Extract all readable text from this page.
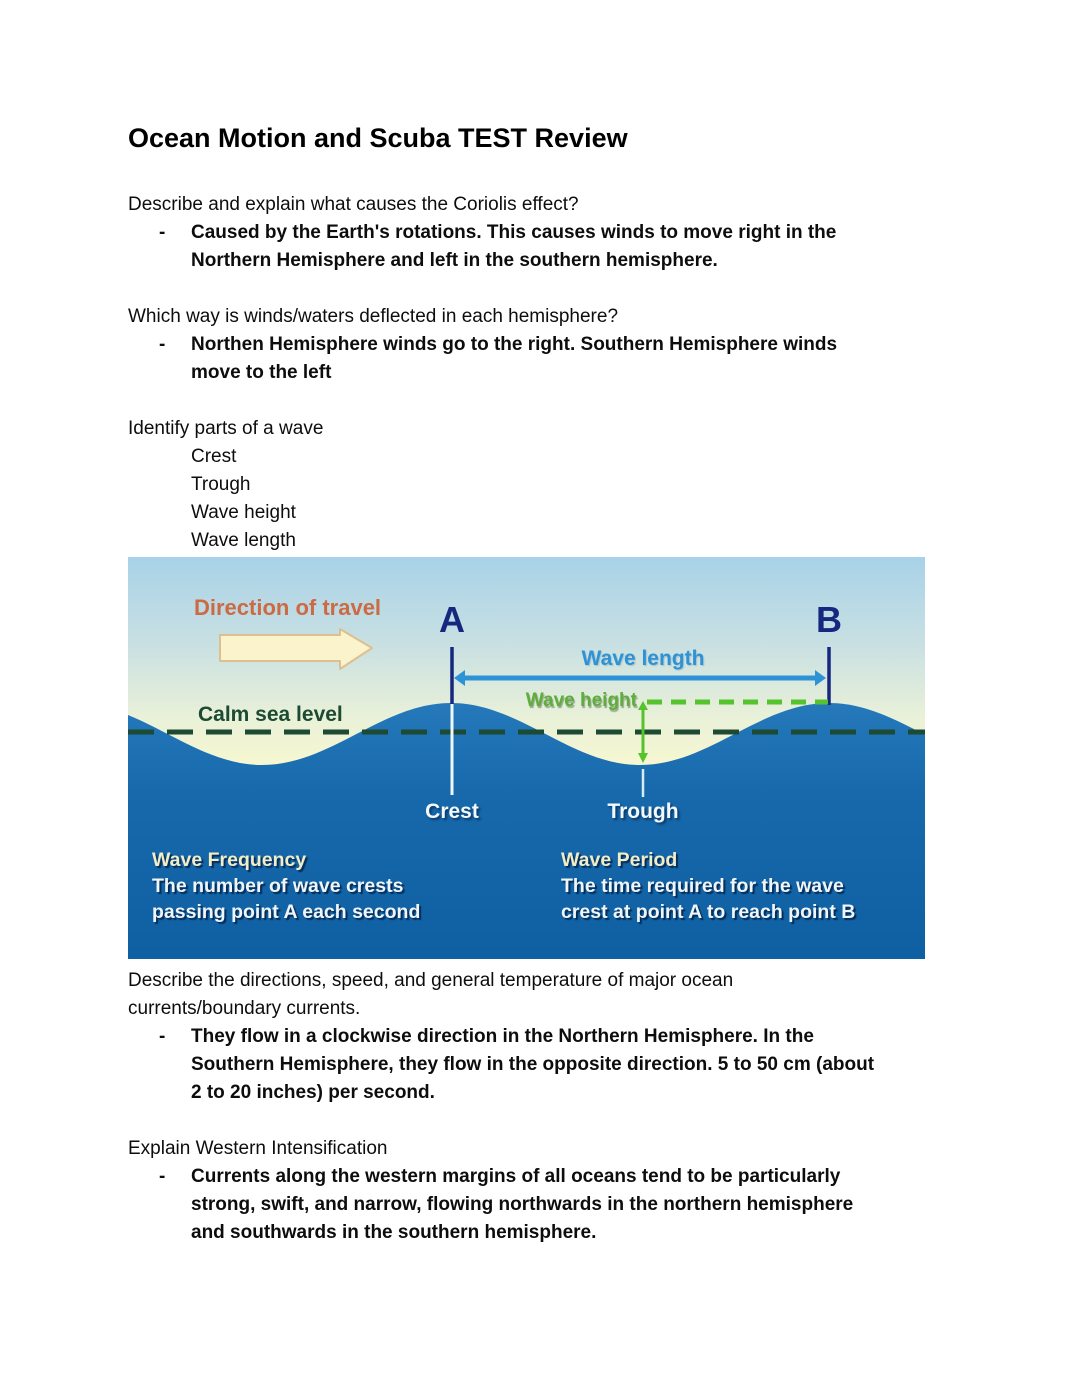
Ocean Motion and Scuba TEST Review
Describe and explain what causes the Coriolis effect?
-	Caused by the Earth's rotations. This causes winds to move right in the
Northern Hemisphere and left in the southern hemisphere.
Which way is winds/waters deflected in each hemisphere?
-	Northen Hemisphere winds go to the right. Southern Hemisphere winds
move to the left
Identify parts of a wave
Crest
Trough
Wave height
Wave length
Direction of travel A	B
Wave length
Wave height
Calm sea level
Crest	Trough
Wave Frequency
The number of wave crests
passing point A each second
Wave Period
The time required for the wave
crest at point A to reach point B
Describe the directions, speed, and general temperature of major ocean
currents/boundary currents.
-	They flow in a clockwise direction in the Northern Hemisphere. In the
Southern Hemisphere, they flow in the opposite direction. 5 to 50 cm (about
2 to 20 inches) per second.
Explain Western Intensification
-	Currents along the western margins of all oceans tend to be particularly
strong, swift, and narrow, flowing northwards in the northern hemisphere
and southwards in the southern hemisphere.
